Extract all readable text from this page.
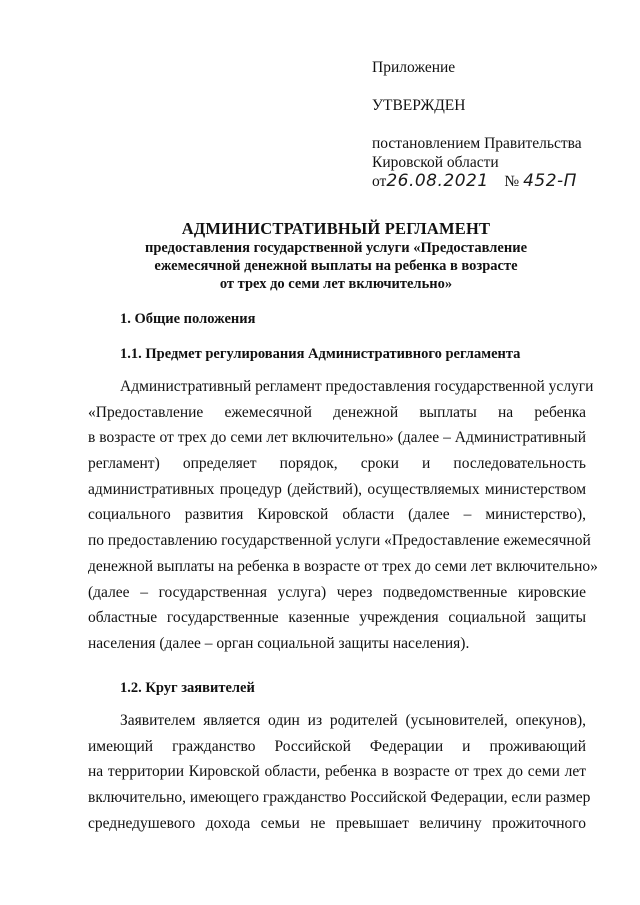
Приложение
УТВЕРЖДЕН
постановлением Правительства
Кировской области
от26.08.2021 № 452-П
АДМИНИСТРАТИВНЫЙ РЕГЛАМЕНТ
предоставления государственной услуги «Предоставление
ежемесячной денежной выплаты на ребенка в возрасте
от трех до семи лет включительно»
1. Общие положения
1.1. Предмет регулирования Административного регламента
Административный регламент предоставления государственной услуги
«Предоставление ежемесячной денежной выплаты на ребенка
в возрасте от трех до семи лет включительно» (далее – Административный
регламент) определяет порядок, сроки и последовательность
административных процедур (действий), осуществляемых министерством
социального развития Кировской области (далее – министерство),
по предоставлению государственной услуги «Предоставление ежемесячной
денежной выплаты на ребенка в возрасте от трех до семи лет включительно»
(далее – государственная услуга) через подведомственные кировские
областные государственные казенные учреждения социальной защиты
населения (далее – орган социальной защиты населения).
1.2. Круг заявителей
Заявителем является один из родителей (усыновителей, опекунов),
имеющий гражданство Российской Федерации и проживающий
на территории Кировской области, ребенка в возрасте от трех до семи лет
включительно, имеющего гражданство Российской Федерации, если размер
среднедушевого дохода семьи не превышает величину прожиточного
